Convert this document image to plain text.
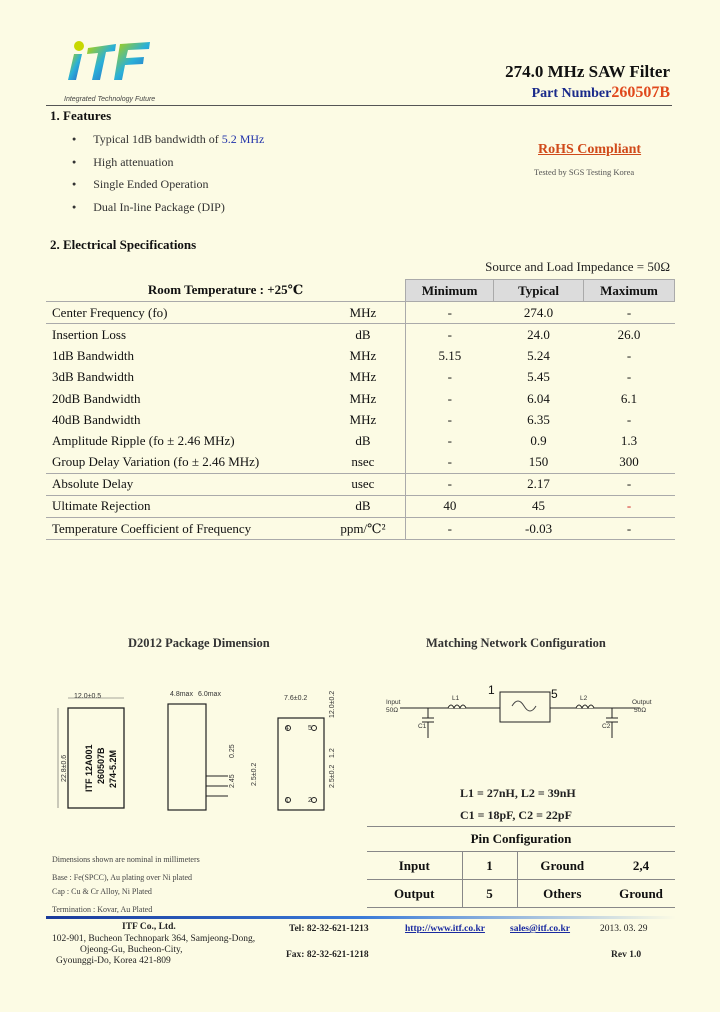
Integrated Technology Future
274.0 MHz SAW Filter
Part Number260507B
1. Features
● Typical 1dB bandwidth of 5.2 MHz
● High attenuation
● Single Ended Operation
● Dual In-line Package (DIP)
RoHS Compliant
Tested by SGS Testing Korea
2. Electrical Specifications
Source and Load Impedance = 50Ω
Room Temperature : +25℃		Minimum	Typical	Maximum
Center Frequency (fo)	MHz	-	274.0	-
Insertion Loss	dB	-	24.0	26.0
1dB Bandwidth	MHz	5.15	5.24	-
3dB Bandwidth	MHz	-	5.45	-
20dB Bandwidth	MHz	-	6.04	6.1
40dB Bandwidth	MHz	-	6.35	-
Amplitude Ripple (fo ± 2.46 MHz)	dB	-	0.9	1.3
Group Delay Variation (fo ± 2.46 MHz)	nsec	-	150	300
Absolute Delay	usec	-	2.17	-
Ultimate Rejection	dB	40	45	-
Temperature Coefficient of Frequency	ppm/℃²	-	-0.03	-
D2012 Package Dimension
12.0±0.5
22.8±0.6 ITF 12A001 260507B 274-5.2M
4.8max 6.0max
2.45
0.25
2.5±0.2
7.6±0.2	12.0±0.2
1.2
2.5±0.2
4	5
1	2
Dimensions shown are nominal in millimeters
Base : Fe(SPCC), Au plating over Ni plated
Cap : Cu & Cr Alloy, Ni Plated
Termination : Kovar, Au Plated
Matching Network Configuration
1	5
L1	L2
C1	C2
Input
50Ω
Output
50Ω
L1 = 27nH, L2 = 39nH
C1 = 18pF, C2 = 22pF
Pin Configuration			
Input	1	Ground	2,4
Output	5	Others	Ground
ITF Co., Ltd.
102-901, Bucheon Technopark 364, Samjeong-Dong,
Ojeong-Gu, Bucheon-City,
Gyounggi-Do, Korea 421-809
Tel: 82-32-621-1213
Fax: 82-32-621-1218
http://www.itf.co.kr	sales@itf.co.kr	2013. 03. 29
Rev 1.0
